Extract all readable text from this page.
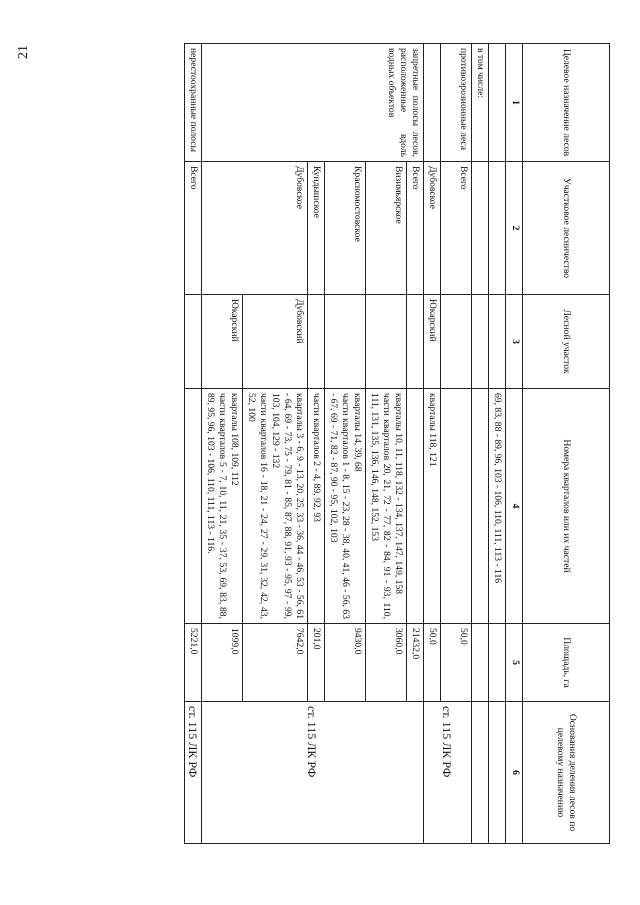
21	Целевое назначение лесов	Участковое лесничество	Лесной участок	Номера кварталов или их частей	Площадь, га	Основания деления лесов по целевому назначению
1	2	3	4	5	6
			69, 83, 88 - 89, 96, 103 - 106, 110, 111, 113 - 116		
в том числе:					
противоэрозионные леса	Всего			50,0	ст. 115 ЛК РФ
	Дубовское	Юкарский	кварталы 118, 121	50,0	
запретные полосы лесов, расположенные вдоль водных объектов	Всего			21432,0	ст. 115 ЛК РФ
	Визимьярское		кварталы 10, 11, 118, 132 - 134, 137, 147, 149, 158
части кварталов 20, 21, 72 - 77, 82 - 84, 91 - 93, 110, 111, 131, 135, 136, 146, 148, 152, 153	3060,0	
	Красномостовское		кварталы 14, 39, 68
части кварталов 1 - 8, 15 - 23, 28 - 38, 40, 41, 46 - 56, 63 - 67, 69 - 71, 82 - 87, 90 - 95, 102, 103	9430,0	
	Кундышское		части кварталов 2 - 4, 89, 92, 93	201,0	
	Дубовское	Дубовский	кварталы 3 - 6, 9 - 13, 20, 25, 33 - 36, 44 - 46, 53 - 56, 61 - 64, 69 - 73, 75 - 79, 81 - 85, 87, 88, 91, 93 - 95, 97 - 99, 103, 104, 129 - 132
части кварталов 16 - 18, 21 - 24, 27 - 29, 31, 32, 42, 43, 52, 100	7642,0	
		Юкарский	кварталы 108, 109, 112
части кварталов 5 - 7, 10, 11, 21, 35 - 37, 53, 69, 83, 88, 89, 95, 96, 103 - 106, 110, 111, 113 - 116.	1099,0	
нерестоохранные полосы	Всего			5221,0	ст. 115 ЛК РФ
